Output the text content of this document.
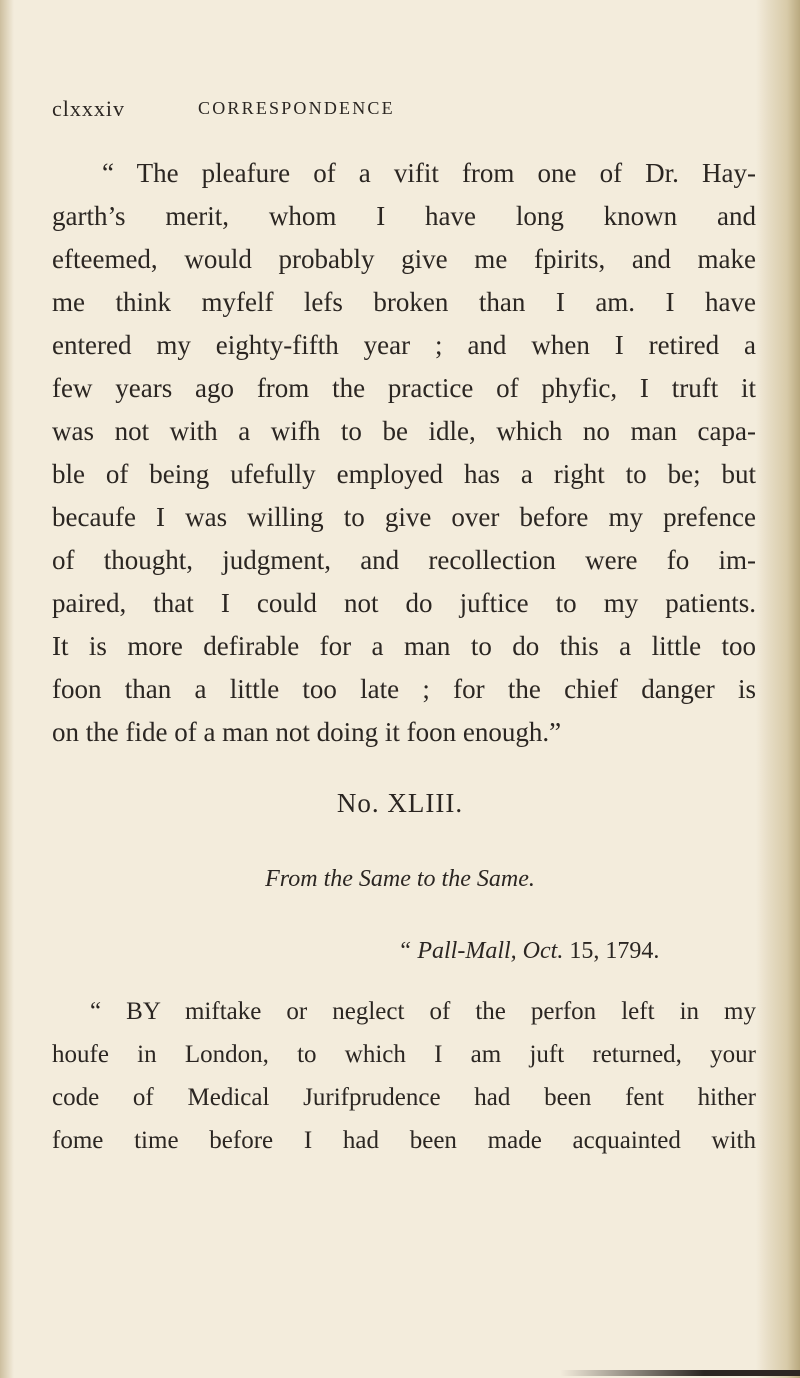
clxxxiv	CORRESPONDENCE
“ The pleafure of a vifit from one of Dr. Hay-
garth’s merit, whom I have long known and
efteemed, would probably give me fpirits, and make
me think myfelf lefs broken than I am. I have
entered my eighty-fifth year ; and when I retired a
few years ago from the practice of phyfic, I truft it
was not with a wifh to be idle, which no man capa-
ble of being ufefully employed has a right to be; but
becaufe I was willing to give over before my prefence
of thought, judgment, and recollection were fo im-
paired, that I could not do juftice to my patients.
It is more defirable for a man to do this a little too
foon than a little too late ; for the chief danger is
on the fide of a man not doing it foon enough.”
No. XLIII.
From the Same to the Same.
“ Pall-Mall, Oct. 15, 1794.
“ BY miftake or neglect of the perfon left in my
houfe in London, to which I am juft returned, your
code of Medical Jurifprudence had been fent hither
fome time before I had been made acquainted with
